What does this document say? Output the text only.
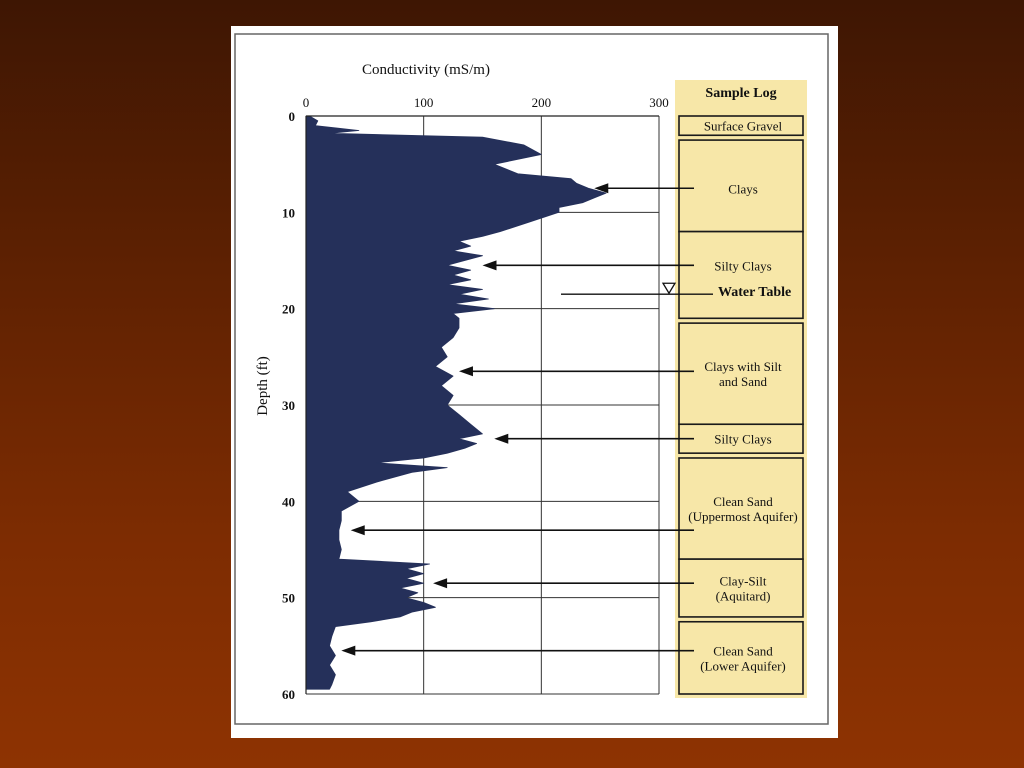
0	100	200	300
0
10
20
30
40
50
60
Surface Gravel
Clays
Silty Clays
Clays with Silt
and Sand
Silty Clays
Clean Sand
(Uppermost Aquifer)
Clay-Silt
(Aquitard)
Clean Sand
(Lower Aquifer)
Conductivity (mS/m)
Depth (ft)
Sample Log
Water Table
